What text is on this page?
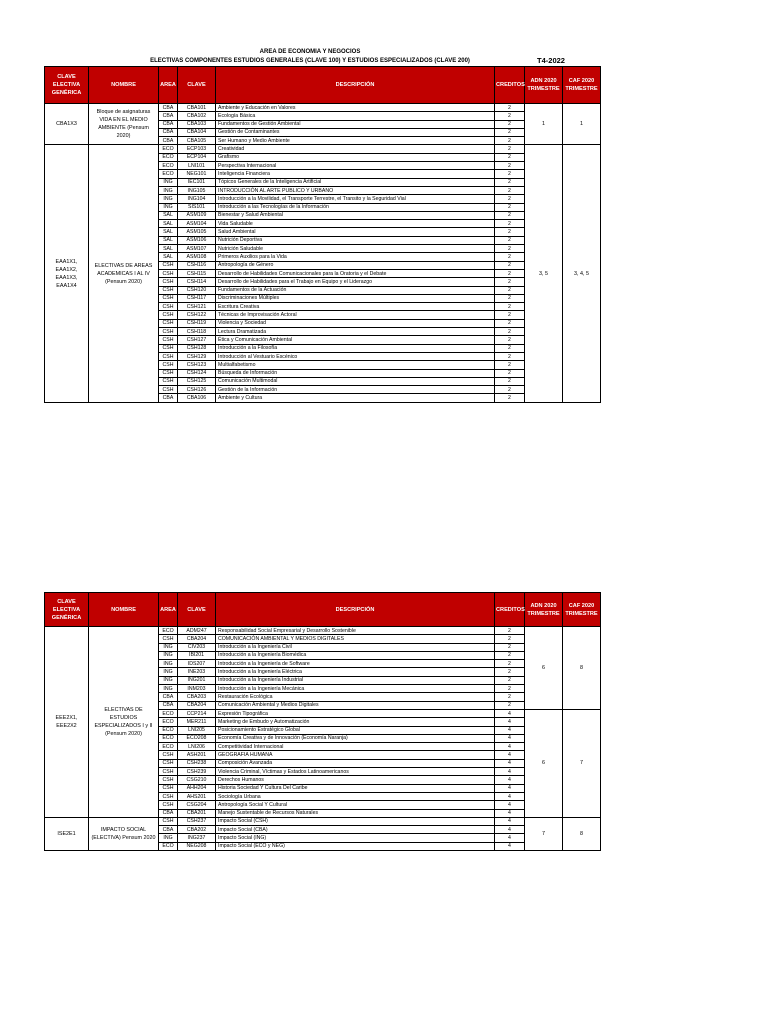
AREA DE ECONOMIA Y NEGOCIOS
ELECTIVAS COMPONENTES ESTUDIOS GENERALES (CLAVE 100) Y ESTUDIOS ESPECIALIZADOS (CLAVE 200)	T4-2022
CLAVE ELECTIVA GENÉRICA	NOMBRE	AREA	CLAVE	DESCRIPCIÓN	CREDITOS	ADN 2020 TRIMESTRE	CAF 2020 TRIMESTRE
CBA1X3	Bloque de asignaturas VIDA EN EL MEDIO AMBIENTE (Pensum 2020)	CBA	CBA101	Ambiente y Educación en Valores	2	1	1
		CBA	CBA102	Ecología Básica	2		
		CBA	CBA103	Fundamentos de Gestión Ambiental	2		
		CBA	CBA104	Gestión de Contaminantes	2		
		CBA	CBA105	Ser Humano y Medio Ambiente	2		
EAA1X1, EAA1X2, EAA1X3, EAA1X4	ELECTIVAS DE AREAS ACADEMICAS I AL IV (Pensum 2020)	ECO	ECP103	Creatividad	2	3, 5	3, 4, 5
		ECO	ECP104	Grafismo	2		
		ECO	LNI101	Perspectiva Internacional	2		
		ECO	NEG101	Inteligencia Financiera	2		
		ING	IEC101	Tópicos Generales de la Inteligencia Artificial	2		
		ING	ING105	INTRODUCCIÓN AL ARTE PUBLICO Y URBANO	2		
		ING	ING104	Introducción a la Movilidad, el Transporte Terrestre, el Transito y la Seguridad Vial	2		
		ING	SIS101	Introducción a las Tecnologías de la Información	2		
		SAL	ASM109	Bienestar y Salud Ambiental	2		
		SAL	ASM104	Vida Saludable	2		
		SAL	ASM105	Salud Ambiental	2		
		SAL	ASM106	Nutrición Deportiva	2		
		SAL	ASM107	Nutrición Saludable	2		
		SAL	ASM108	Primeros Auxilios para la Vida	2		
		CSH	CSH116	Antropología de Género	2		
		CSH	CSH115	Desarrollo de Habilidades Comunicacionales para la Oratoria y el Debate	2		
		CSH	CSH114	Desarrollo de Habilidades para el Trabajo en Equipo y el Liderazgo	2		
		CSH	CSH120	Fundamentos de la Actuación	2		
		CSH	CSH117	Discriminaciones Múltiples	2		
		CSH	CSH121	Escritura Creativa	2		
		CSH	CSH122	Técnicas de Improvisación Actoral	2		
		CSH	CSH119	Violencia y Sociedad	2		
		CSH	CSH118	Lectura Dramatizada	2		
		CSH	CSH127	Ética y Comunicación Ambiental	2		
		CSH	CSH128	Introducción a la Filosofía	2		
		CSH	CSH129	Introducción al Vestuario Escénico	2		
		CSH	CSH123	Multialfabetismo	2		
		CSH	CSH124	Búsqueda de Información	2		
		CSH	CSH125	Comunicación Multimodal	2		
		CSH	CSH126	Gestión de la Información	2		
		CBA	CBA106	Ambiente y Cultura	2		
CLAVE ELECTIVA GENÉRICA	NOMBRE	AREA	CLAVE	DESCRIPCIÓN	CREDITOS	ADN 2020 TRIMESTRE	CAF 2020 TRIMESTRE
EEE2X1, EEE2X2	ELECTIVAS DE ESTUDIOS ESPECIALIZADOS I y II (Pensum 2020)	ECO	ADM247	Responsabilidad Social Empresarial y Desarrollo Sostenible	2	6	8
		CSH	CBA204	COMUNICACIÓN AMBIENTAL Y MEDIOS DIGITALES	2		
		ING	CIV203	Introducción a la Ingeniería Civil	2		
		ING	IBI201	Introducción a la Ingeniería Biomédica	2		
		ING	IDS207	Introducción a la Ingeniería de Software	2		
		ING	INE203	Introducción a la Ingeniería Eléctrica	2		
		ING	ING201	Introducción a la Ingeniería Industrial	2		
		ING	INM203	Introducción a la Ingeniería Mecánica	2		
		CBA	CBA203	Restauración Ecológica	2		
		CBA	CBA204	Comunicación Ambiental y Medios Digitales	2		
		ECO	CCP214	Expresión Tipográfica	4	6	7
		ECO	MER211	Marketing de Embudo y Automatización	4		
		ECO	LNI205	Posicionamiento Estratégico Global	4		
		ECO	ECO208	Economía Creativa y de Innovación (Economía Naranja)	4		
		ECO	LNI206	Competitividad Internacional	4		
		CSH	ASH201	GEOGRAFIA HUMANA	4		
		CSH	CSH238	Composición Avanzada	4		
		CSH	CSH239	Violencia Criminal, Víctimas y Estados Latinoamericanos	4		
		CSH	CSG210	Derechos Humanos	4		
		CSH	AHH204	Historia Sociedad Y Cultura Del Caribe	4		
		CSH	AHS201	Sociología Urbana	4		
		CSH	CSG204	Antropología Social Y Cultural	4		
		CBA	CBA201	Manejo Sustentable de Recursos Naturales	4		
ISE2E1	IMPACTO SOCIAL (ELECTIVA) Pensum 2020	CSH	CSH237	Impacto Social (CSH)	4	7	8
		CBA	CBA202	Impacto Social (CBA)	4		
		ING	ING237	Impacto Social (ING)	4		
		ECO	NEG208	Impacto Social (ECO y NEG)	4		
